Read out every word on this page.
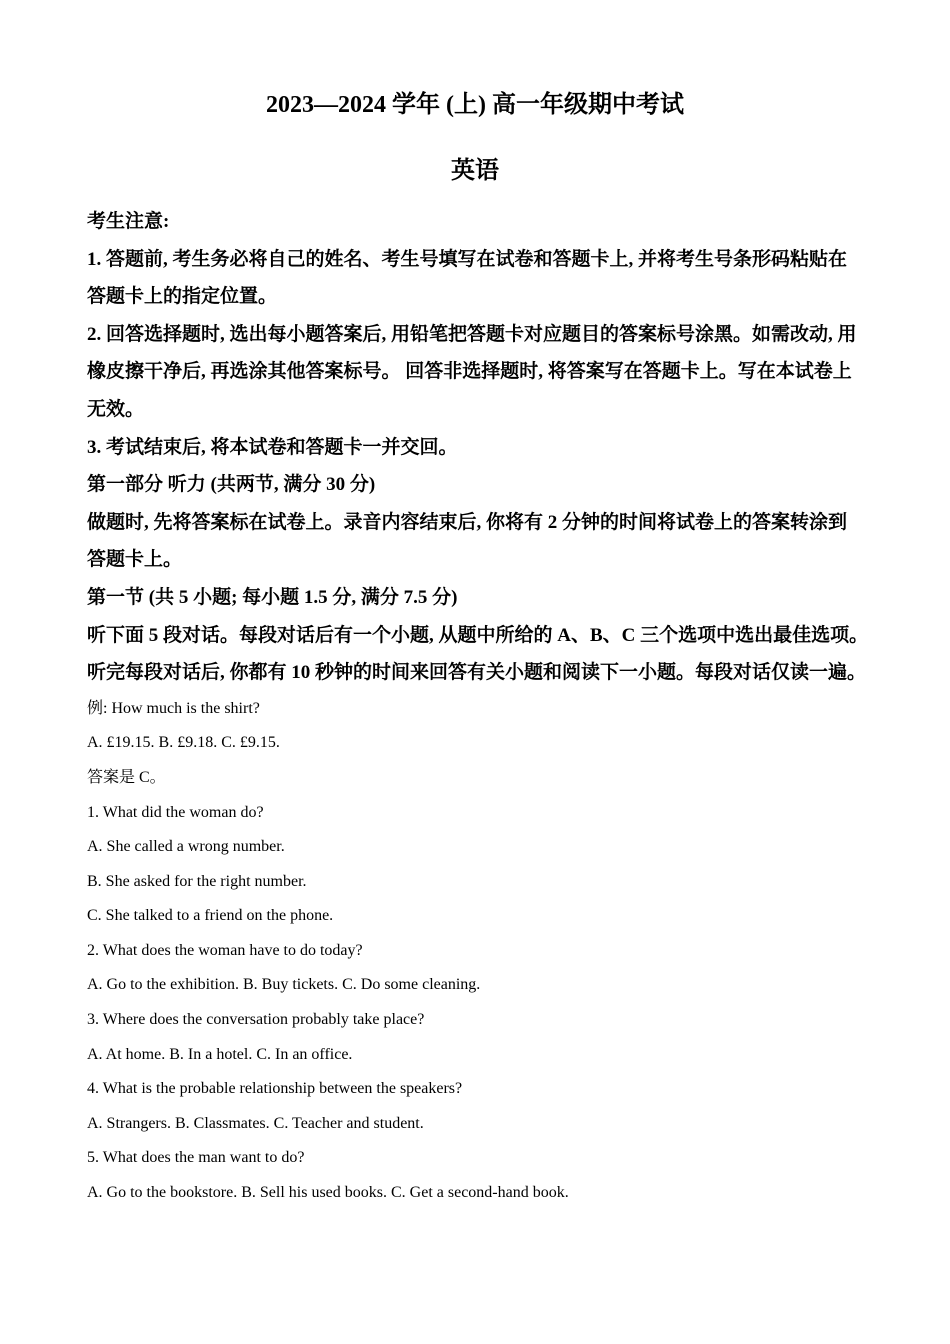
2023—2024 学年 (上) 高一年级期中考试
英语

考生注意:

1. 答题前, 考生务必将自己的姓名、考生号填写在试卷和答题卡上, 并将考生号条形码粘贴在

答题卡上的指定位置。

2. 回答选择题时, 选出每小题答案后, 用铅笔把答题卡对应题目的答案标号涂黑。如需改动, 用

橡皮擦干净后, 再选涂其他答案标号。 回答非选择题时, 将答案写在答题卡上。写在本试卷上

无效。

3. 考试结束后, 将本试卷和答题卡一并交回。

第一部分 听力 (共两节, 满分 30 分)

做题时, 先将答案标在试卷上。录音内容结束后, 你将有 2 分钟的时间将试卷上的答案转涂到

答题卡上。

第一节 (共 5 小题; 每小题 1.5 分, 满分 7.5 分)

听下面 5 段对话。每段对话后有一个小题, 从题中所给的 A、B、C 三个选项中选出最佳选项。

听完每段对话后, 你都有 10 秒钟的时间来回答有关小题和阅读下一小题。每段对话仅读一遍。

例: How much is the shirt?

A. £19.15. B. £9.18. C. £9.15.

答案是 C。

1. What did the woman do?

A. She called a wrong number.

B. She asked for the right number.

C. She talked to a friend on the phone.

2. What does the woman have to do today?

A. Go to the exhibition. B. Buy tickets. C. Do some cleaning.

3. Where does the conversation probably take place?

A. At home. B. In a hotel. C. In an office.

4. What is the probable relationship between the speakers?

A. Strangers. B. Classmates. C. Teacher and student.

5. What does the man want to do?

A. Go to the bookstore. B. Sell his used books. C. Get a second-hand book.
